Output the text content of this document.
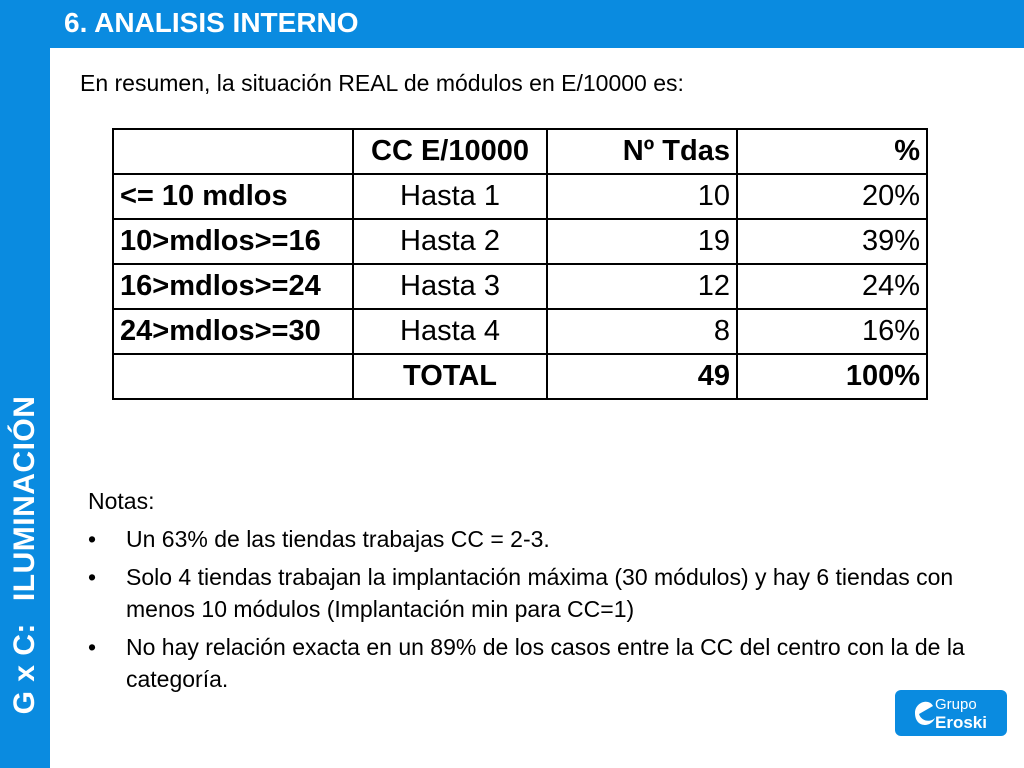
G x C:ILUMINACIÓN
6. ANALISIS INTERNO
En resumen, la situación REAL de módulos en E/10000 es:
	CC E/10000	Nº Tdas	%
<= 10 mdlos	Hasta 1	10	20%
10>mdlos>=16	Hasta 2	19	39%
16>mdlos>=24	Hasta 3	12	24%
24>mdlos>=30	Hasta 4	8	16%
	TOTAL	49	100%
Notas:
• Un 63% de las tiendas trabajas CC = 2-3.
• Solo 4 tiendas trabajan la implantación máxima (30 módulos) y hay 6 tiendas con menos 10 módulos (Implantación min para CC=1)
• No hay relación exacta en un 89% de los casos entre la CC del centro con la de la categoría.
Grupo
Eroski
